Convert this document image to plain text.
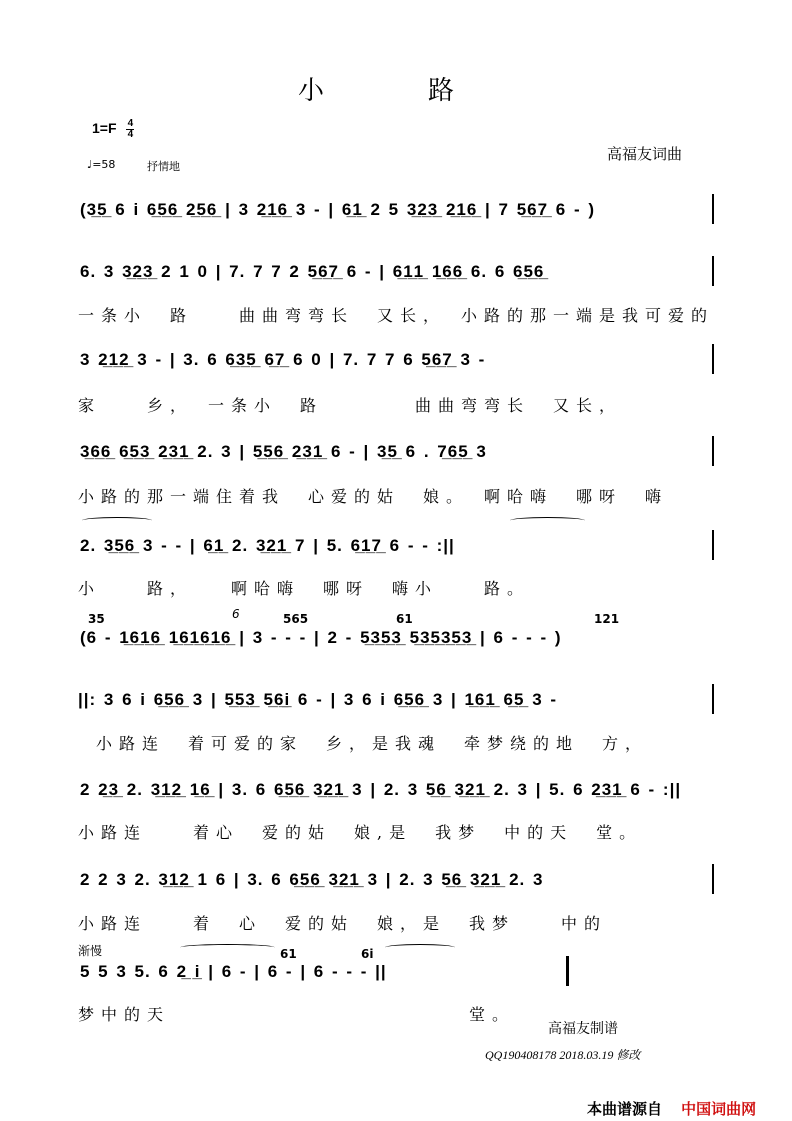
小　　　　路
$1=F \frac{4}{4}$
♩=58	抒情地
高福友词曲
(3̲5̲ 6 i 6̲5̲6̲ 2̲5̲6̲ | 3 2̲1̲6̲ 3 - | 6̲1̲ 2 5 3̲2̲3̲ 2̲1̲6̲ | 7 5̲6̲7̲ 6 - )
6. 3 3̲2̲3̲ 2 1 0 | 7. 7 7 2 5̲6̲7̲ 6 - | 6̲1̲1̲ 1̲6̲6̲ 6. 6 6̲5̲6̲
一条小　路　　曲曲弯弯长　又长，　小路的那一端是我可爱的
3 2̲1̲2̲ 3 - | 3. 6 6̲3̲5̲ 6̲7̲ 6 0 | 7. 7 7 6 5̲6̲7̲ 3 -
家　　乡，　一条小　路　　　　曲曲弯弯长　又长，
3̲6̲6̲ 6̲5̲3̲ 2̲3̲1̲ 2. 3 | 5̲5̲6̲ 2̲3̲1̲ 6 - | 3̲5̲ 6 . 7̲6̲5̲ 3
小路的那一端住着我　心爱的姑　娘。　啊哈嗨　哪呀　嗨
2. 3̲5̲6̲ 3 - - | 6̲1̲ 2. 3̲2̲1̲ 7 | 5. 6̲1̲7̲ 6 - - :||
小　　路，　　啊哈嗨　哪呀　嗨小　　路。
35	6	565	61	121
(6 - 1̲6̲1̲6̲ 1̲6̲1̲6̲1̲6̲ | 3 - - - | 2 - 5̲3̲5̲3̲ 5̲3̲5̲3̲5̲3̲ | 6 - - - )
||: 3 6 i 6̲5̲6̲ 3 | 5̲5̲3̲ 5̲6̲i̲ 6 - | 3 6 i 6̲5̲6̲ 3 | 1̲6̲1̲ 6̲5̲ 3 -
小路连　着可爱的家　乡，是我魂　牵梦绕的地　方，
2 2̲3̲ 2. 3̲1̲2̲ 1̲6̲ | 3. 6 6̲5̲6̲ 3̲2̲1̲ 3 | 2. 3 5̲6̲ 3̲2̲1̲ 2. 3 | 5. 6 2̲3̲1̲ 6 - :||
小路连　　着心　爱的姑　娘,是　我梦　中的天　堂。
2 2 3 2. 3̲1̲2̲ 1 6 | 3. 6 6̲5̲6̲ 3̲2̲1̲ 3 | 2. 3 5̲6̲ 3̲2̲1̲ 2. 3
小路连　　着　心　爱的姑　娘，是　我梦　　中的
渐慢	61	6i
5 5 3 5. 6 2̲ i̲ | 6 - | 6 - | 6 - - - ||
梦中的天　　　　　　　　　　　　　堂。
高福友制谱
QQ190408178 2018.03.19 修改
本曲谱源自 中国词曲网
